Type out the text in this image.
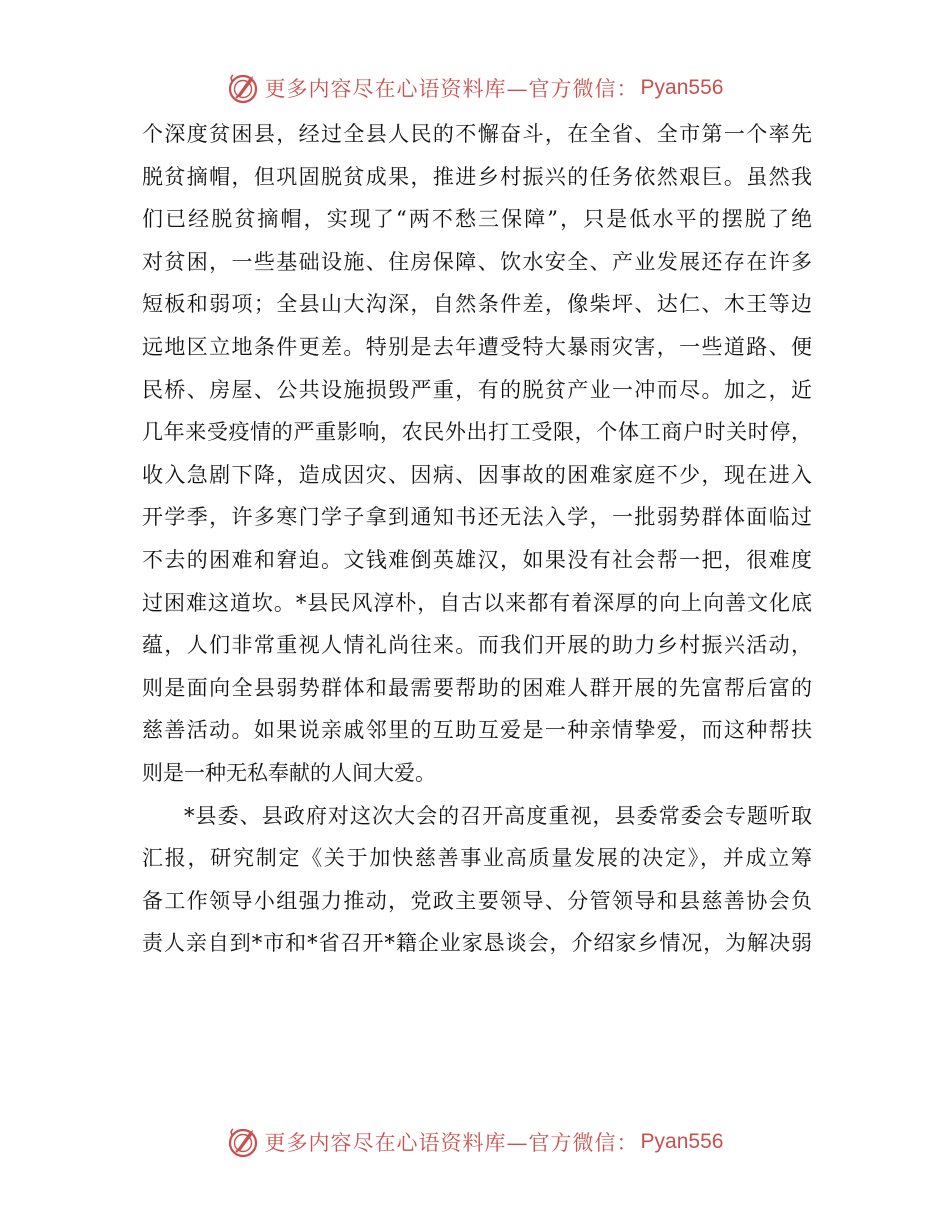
更多内容尽在心语资料库—官方微信： Pyan556

个深度贫困县，经过全县人民的不懈奋斗，在全省、全市第一个率先
脱贫摘帽，但巩固脱贫成果，推进乡村振兴的任务依然艰巨。虽然我
们已经脱贫摘帽，实现了“两不愁三保障”，只是低水平的摆脱了绝
对贫困，一些基础设施、住房保障、饮水安全、产业发展还存在许多
短板和弱项；全县山大沟深，自然条件差，像柴坪、达仁、木王等边
远地区立地条件更差。特别是去年遭受特大暴雨灾害，一些道路、便
民桥、房屋、公共设施损毁严重，有的脱贫产业一冲而尽。加之，近
几年来受疫情的严重影响，农民外出打工受限，个体工商户时关时停，
收入急剧下降，造成因灾、因病、因事故的困难家庭不少，现在进入
开学季，许多寒门学子拿到通知书还无法入学，一批弱势群体面临过
不去的困难和窘迫。文钱难倒英雄汉，如果没有社会帮一把，很难度
过困难这道坎。*县民风淳朴，自古以来都有着深厚的向上向善文化底
蕴，人们非常重视人情礼尚往来。而我们开展的助力乡村振兴活动，
则是面向全县弱势群体和最需要帮助的困难人群开展的先富帮后富的
慈善活动。如果说亲戚邻里的互助互爱是一种亲情挚爱，而这种帮扶
则是一种无私奉献的人间大爱。

*县委、县政府对这次大会的召开高度重视，县委常委会专题听取
汇报，研究制定《关于加快慈善事业高质量发展的决定》，并成立筹
备工作领导小组强力推动，党政主要领导、分管领导和县慈善协会负
责人亲自到*市和*省召开*籍企业家恳谈会，介绍家乡情况，为解决弱

更多内容尽在心语资料库—官方微信： Pyan556
